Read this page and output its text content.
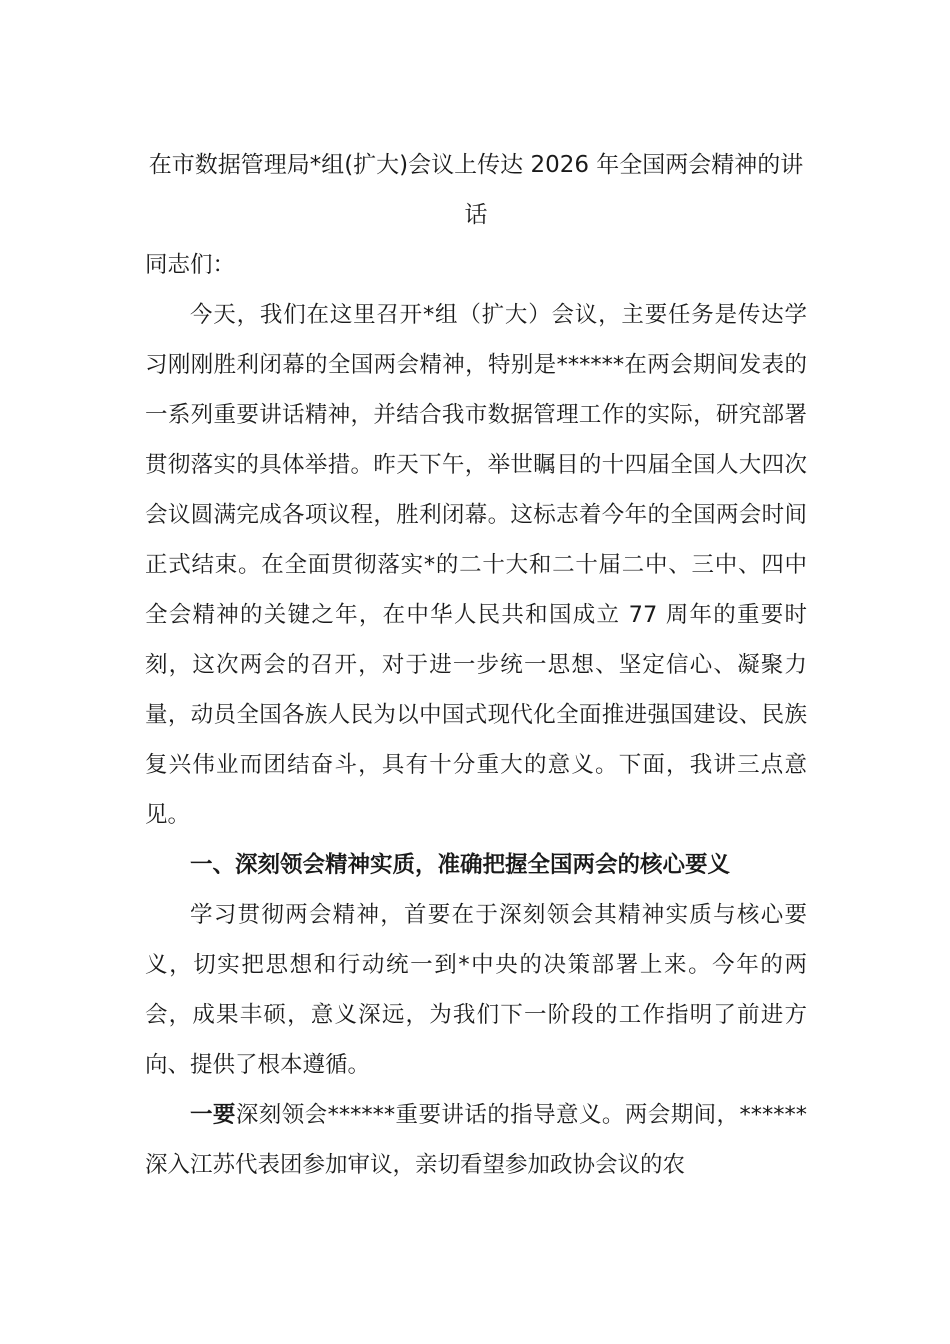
在市数据管理局*组(扩大)会议上传达 2026 年全国两会精神的讲话

同志们：

今天，我们在这里召开*组（扩大）会议，主要任务是传达学习刚刚胜利闭幕的全国两会精神，特别是******在两会期间发表的一系列重要讲话精神，并结合我市数据管理工作的实际，研究部署贯彻落实的具体举措。昨天下午，举世瞩目的十四届全国人大四次会议圆满完成各项议程，胜利闭幕。这标志着今年的全国两会时间正式结束。在全面贯彻落实*的二十大和二十届二中、三中、四中全会精神的关键之年，在中华人民共和国成立 77 周年的重要时刻，这次两会的召开，对于进一步统一思想、坚定信心、凝聚力量，动员全国各族人民为以中国式现代化全面推进强国建设、民族复兴伟业而团结奋斗，具有十分重大的意义。下面，我讲三点意见。

一、深刻领会精神实质，准确把握全国两会的核心要义

学习贯彻两会精神，首要在于深刻领会其精神实质与核心要义，切实把思想和行动统一到*中央的决策部署上来。今年的两会，成果丰硕，意义深远，为我们下一阶段的工作指明了前进方向、提供了根本遵循。

一要深刻领会******重要讲话的指导意义。两会期间，******深入江苏代表团参加审议，亲切看望参加政协会议的农
